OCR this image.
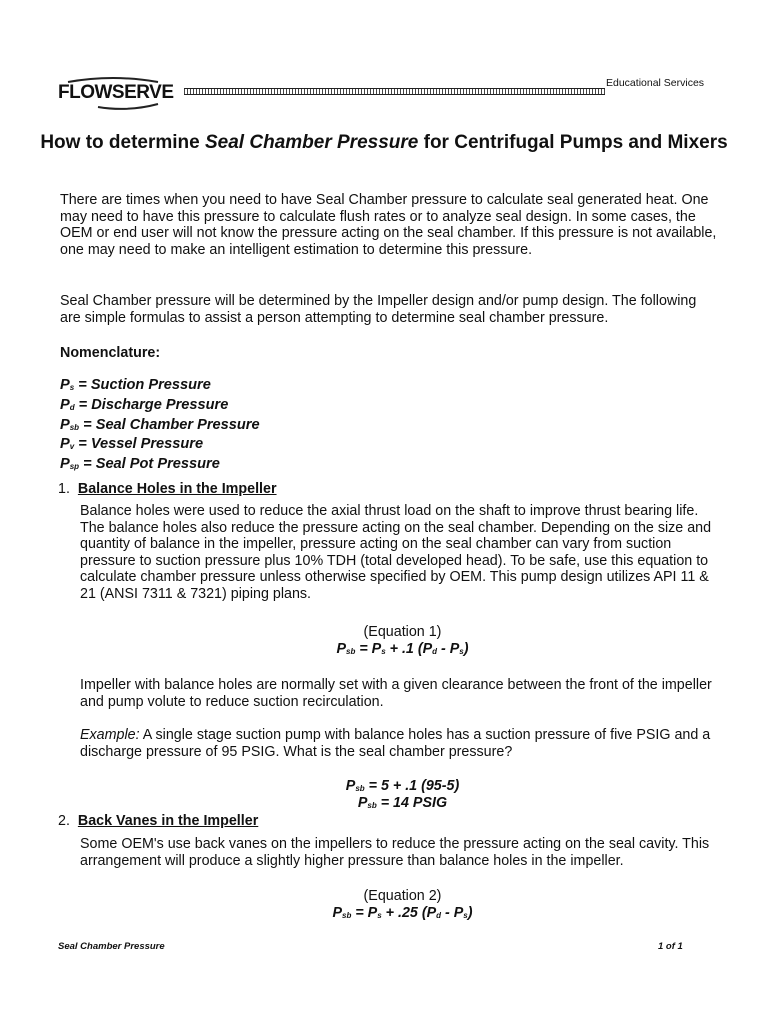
FLOWSERVE	Educational Services
How to determine Seal Chamber Pressure for Centrifugal Pumps and Mixers
There are times when you need to have Seal Chamber pressure to calculate seal generated heat. One may need to have this pressure to calculate flush rates or to analyze seal design. In some cases, the OEM or end user will not know the pressure acting on the seal chamber. If this pressure is not available, one may need to make an intelligent estimation to determine this pressure.
Seal Chamber pressure will be determined by the Impeller design and/or pump design. The following are simple formulas to assist a person attempting to determine seal chamber pressure.
Nomenclature:
$P_s$ = Suction Pressure
$P_d$ = Discharge Pressure
$P_{sb}$ = Seal Chamber Pressure
$P_v$ = Vessel Pressure
$P_{sp}$ = Seal Pot Pressure
1. Balance Holes in the Impeller
Balance holes were used to reduce the axial thrust load on the shaft to improve thrust bearing life. The balance holes also reduce the pressure acting on the seal chamber. Depending on the size and quantity of balance in the impeller, pressure acting on the seal chamber can vary from suction pressure to suction pressure plus 10% TDH (total developed head). To be safe, use this equation to calculate chamber pressure unless otherwise specified by OEM. This pump design utilizes API 11 & 21 (ANSI 7311 & 7321) piping plans.
(Equation 1)
$P_{sb} = P_s + .1$ $(P_d - P_s)$
Impeller with balance holes are normally set with a given clearance between the front of the impeller and pump volute to reduce suction recirculation.
Example: A single stage suction pump with balance holes has a suction pressure of five PSIG and a discharge pressure of 95 PSIG. What is the seal chamber pressure?
$P_{sb} = 5 + .1$ (95-5)
$P_{sb} = 14$ PSIG
2. Back Vanes in the Impeller
Some OEM's use back vanes on the impellers to reduce the pressure acting on the seal cavity. This arrangement will produce a slightly higher pressure than balance holes in the impeller.
(Equation 2)
$P_{sb} = P_s + .25$ $(P_d - P_s)$
Seal Chamber Pressure	1 of 1
